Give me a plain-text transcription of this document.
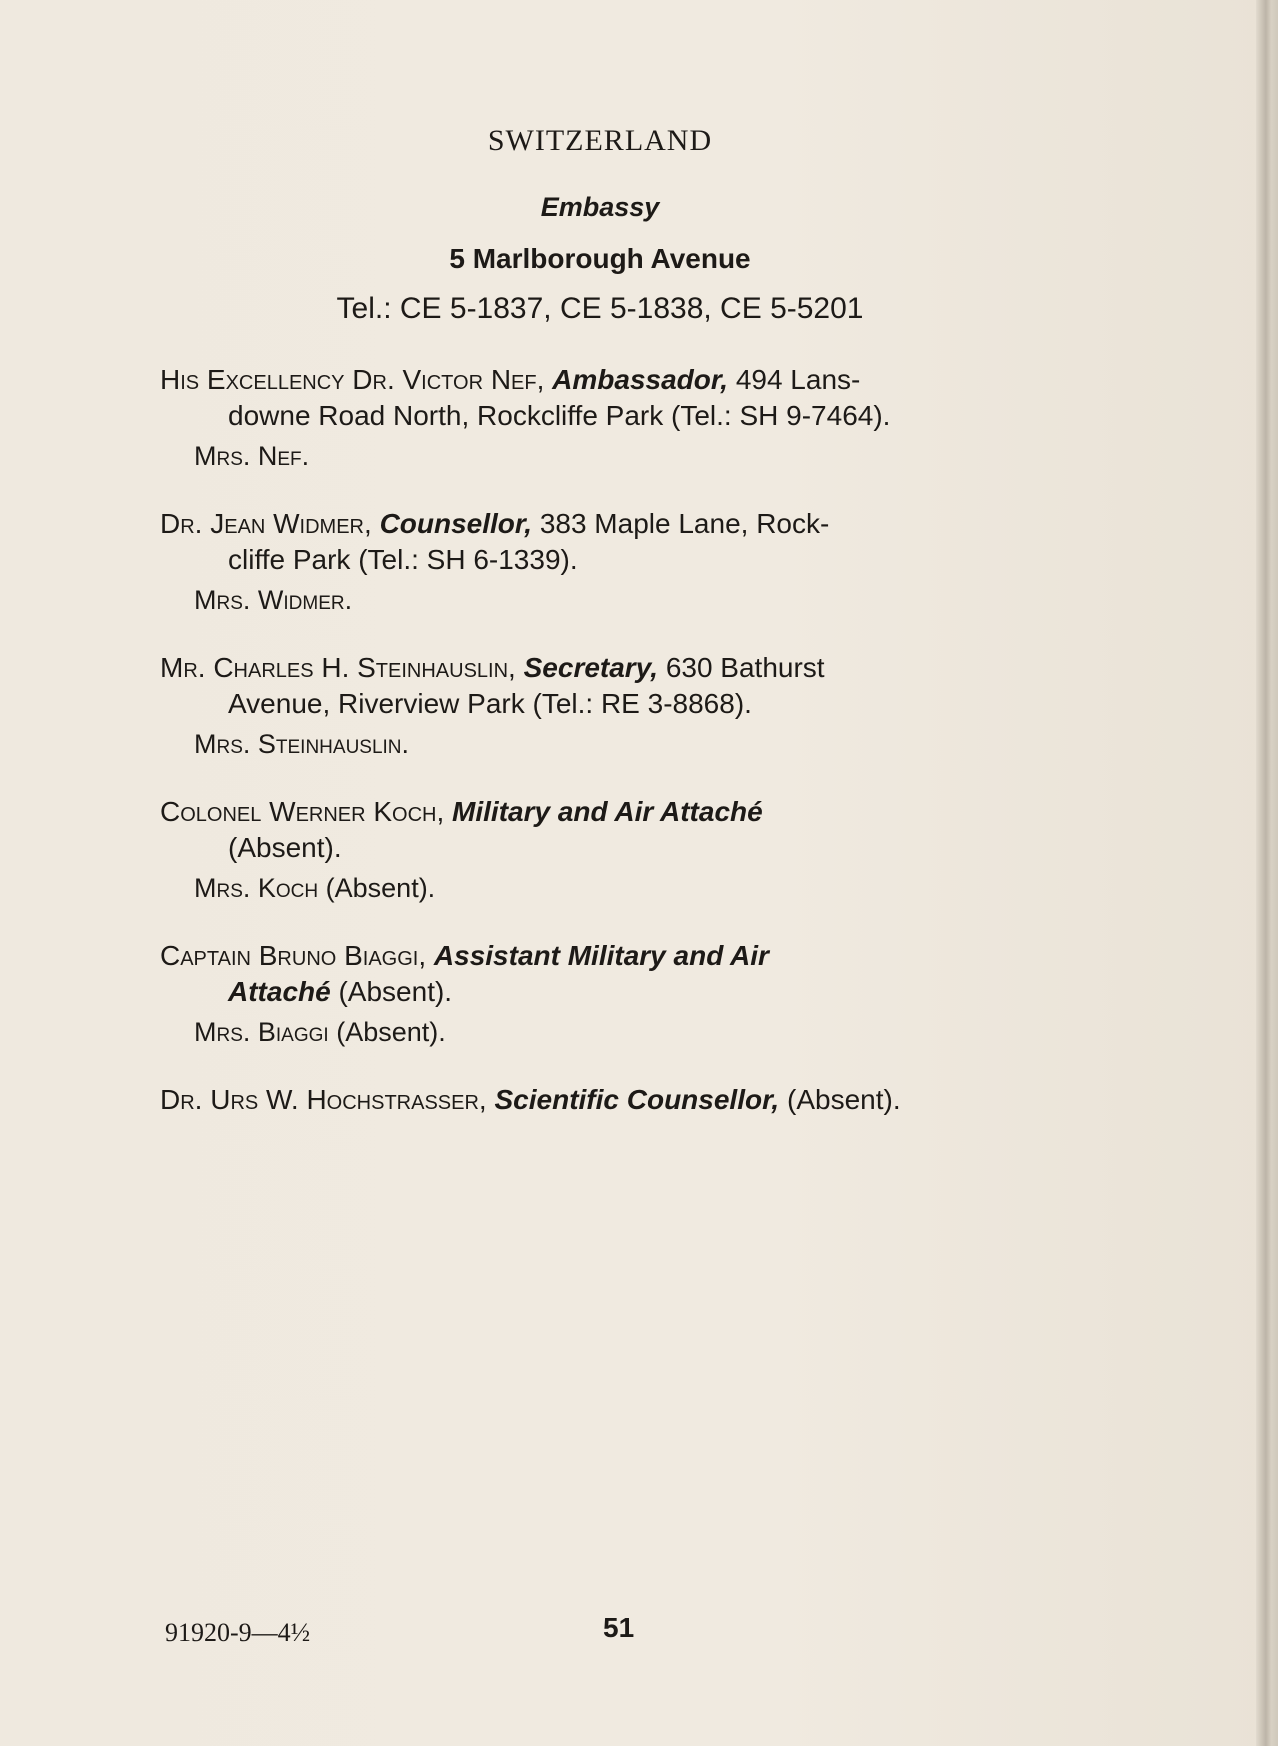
SWITZERLAND
Embassy
5 Marlborough Avenue
Tel.: CE 5-1837, CE 5-1838, CE 5-5201
His Excellency Dr. Victor Nef, Ambassador, 494 Lans-
downe Road North, Rockcliffe Park (Tel.: SH 9-7464).
Mrs. Nef.
Dr. Jean Widmer, Counsellor, 383 Maple Lane, Rock-
cliffe Park (Tel.: SH 6-1339).
Mrs. Widmer.
Mr. Charles H. Steinhauslin, Secretary, 630 Bathurst
Avenue, Riverview Park (Tel.: RE 3-8868).
Mrs. Steinhauslin.
Colonel Werner Koch, Military and Air Attaché
(Absent).
Mrs. Koch (Absent).
Captain Bruno Biaggi, Assistant Military and Air
Attaché (Absent).
Mrs. Biaggi (Absent).
Dr. Urs W. Hochstrasser, Scientific Counsellor, (Absent).
91920-9—4½	51
